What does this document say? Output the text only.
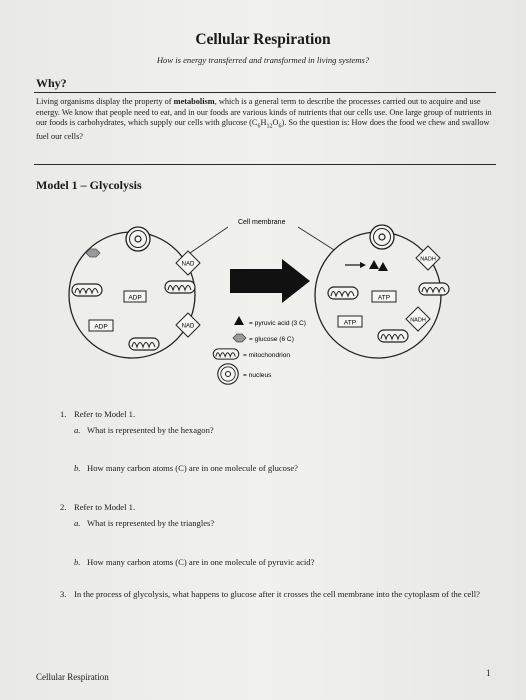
Cellular Respiration
How is energy transferred and transformed in living systems?
Why?
Living organisms display the property of metabolism, which is a general term to describe the processes carried out to acquire and use energy. We know that people need to eat, and in our foods are various kinds of nutrients that our cells use. One large group of nutrients in our foods is carbohydrates, which supply our cells with glucose $(C_6H_{12}O_6)$. So the question is: How does the food we chew and swallow fuel our cells?
Model 1 – Glycolysis
ADP
ADP
NAD
NAD
Cell membrane
NADH
NADH
ATP
ATP
= pyruvic acid (3 C)
= glucose (6 C)
= mitochondrion
= nucleus
1. Refer to Model 1.
a. What is represented by the hexagon?
b. How many carbon atoms (C) are in one molecule of glucose?
2. Refer to Model 1.
a. What is represented by the triangles?
b. How many carbon atoms (C) are in one molecule of pyruvic acid?
3. In the process of glycolysis, what happens to glucose after it crosses the cell membrane into the cytoplasm of the cell?
Cellular Respiration	1
